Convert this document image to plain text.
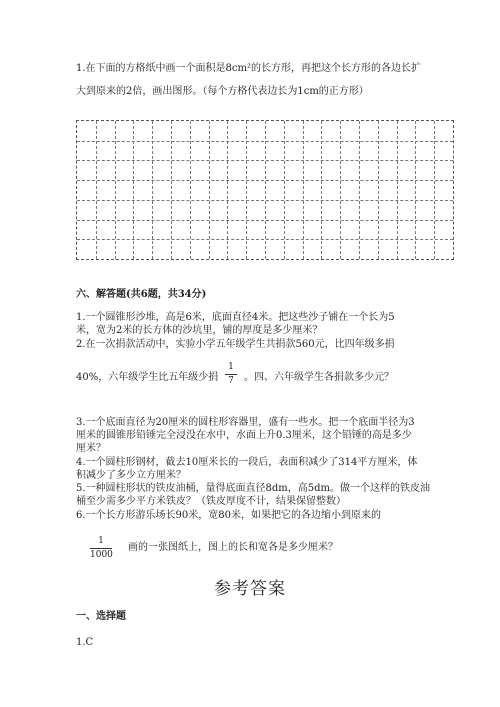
1.在下面的方格纸中画一个面积是8cm²的长方形，再把这个长方形的各边长扩
大到原来的2倍，画出图形。（每个方格代表边长为1cm的正方形）
六、解答题(共6题，共34分)
1.一个圆锥形沙堆，高是6米，底面直径4米。把这些沙子铺在一个长为5
米，宽为2米的长方体的沙坑里，铺的厚度是多少厘米？
2.在一次捐款活动中，实验小学五年级学生共捐款560元，比四年级多捐
40%，六年级学生比五年级少捐
1
7	。四、六年级学生各捐款多少元？
3.一个底面直径为20厘米的圆柱形容器里，盛有一些水。把一个底面半径为3
厘米的圆锥形铅锤完全浸没在水中，水面上升0.3厘米，这个铅锤的高是多少
厘米？
4.一个圆柱形钢材，截去10厘米长的一段后，表面积减少了314平方厘米，体
积减少了多少立方厘米？
5.一种圆柱形状的铁皮油桶，量得底面直径8dm，高5dm。做一个这样的铁皮油
桶至少需多少平方米铁皮？（铁皮厚度不计，结果保留整数）
6.一个长方形游乐场长90米，宽80米，如果把它的各边缩小到原来的
1
1000
画的一张图纸上，图上的长和宽各是多少厘米？
参考答案
一、选择题
1.C
